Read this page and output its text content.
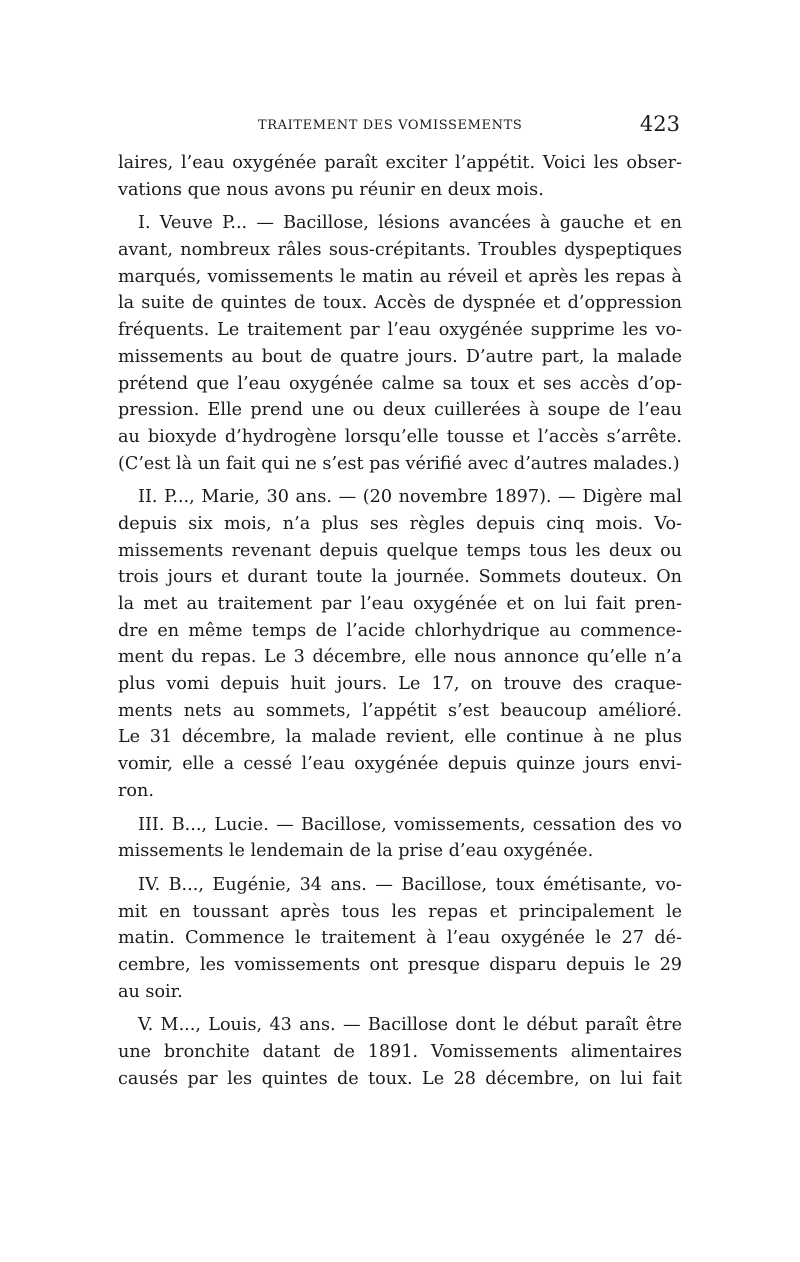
TRAITEMENT DES VOMISSEMENTS	423
laires, l’eau oxygénée paraît exciter l’appétit. Voici les obser-
vations que nous avons pu réunir en deux mois.
I. Veuve P... — Bacillose, lésions avancées à gauche et en
avant, nombreux râles sous-crépitants. Troubles dyspeptiques
marqués, vomissements le matin au réveil et après les repas à
la suite de quintes de toux. Accès de dyspnée et d’oppression
fréquents. Le traitement par l’eau oxygénée supprime les vo-
missements au bout de quatre jours. D’autre part, la malade
prétend que l’eau oxygénée calme sa toux et ses accès d’op-
pression. Elle prend une ou deux cuillerées à soupe de l’eau
au bioxyde d’hydrogène lorsqu’elle tousse et l’accès s’arrête.
(C’est là un fait qui ne s’est pas vérifié avec d’autres malades.)
II. P..., Marie, 30 ans. — (20 novembre 1897). — Digère mal
depuis six mois, n’a plus ses règles depuis cinq mois. Vo-
missements revenant depuis quelque temps tous les deux ou
trois jours et durant toute la journée. Sommets douteux. On
la met au traitement par l’eau oxygénée et on lui fait pren-
dre en même temps de l’acide chlorhydrique au commence-
ment du repas. Le 3 décembre, elle nous annonce qu’elle n’a
plus vomi depuis huit jours. Le 17, on trouve des craque-
ments nets au sommets, l’appétit s’est beaucoup amélioré.
Le 31 décembre, la malade revient, elle continue à ne plus
vomir, elle a cessé l’eau oxygénée depuis quinze jours envi-
ron.
III. B..., Lucie. — Bacillose, vomissements, cessation des vo
missements le lendemain de la prise d’eau oxygénée.
IV. B..., Eugénie, 34 ans. — Bacillose, toux émétisante, vo-
mit en toussant après tous les repas et principalement le
matin. Commence le traitement à l’eau oxygénée le 27 dé-
cembre, les vomissements ont presque disparu depuis le 29
au soir.
V. M..., Louis, 43 ans. — Bacillose dont le début paraît être
une bronchite datant de 1891. Vomissements alimentaires
causés par les quintes de toux. Le 28 décembre, on lui fait
